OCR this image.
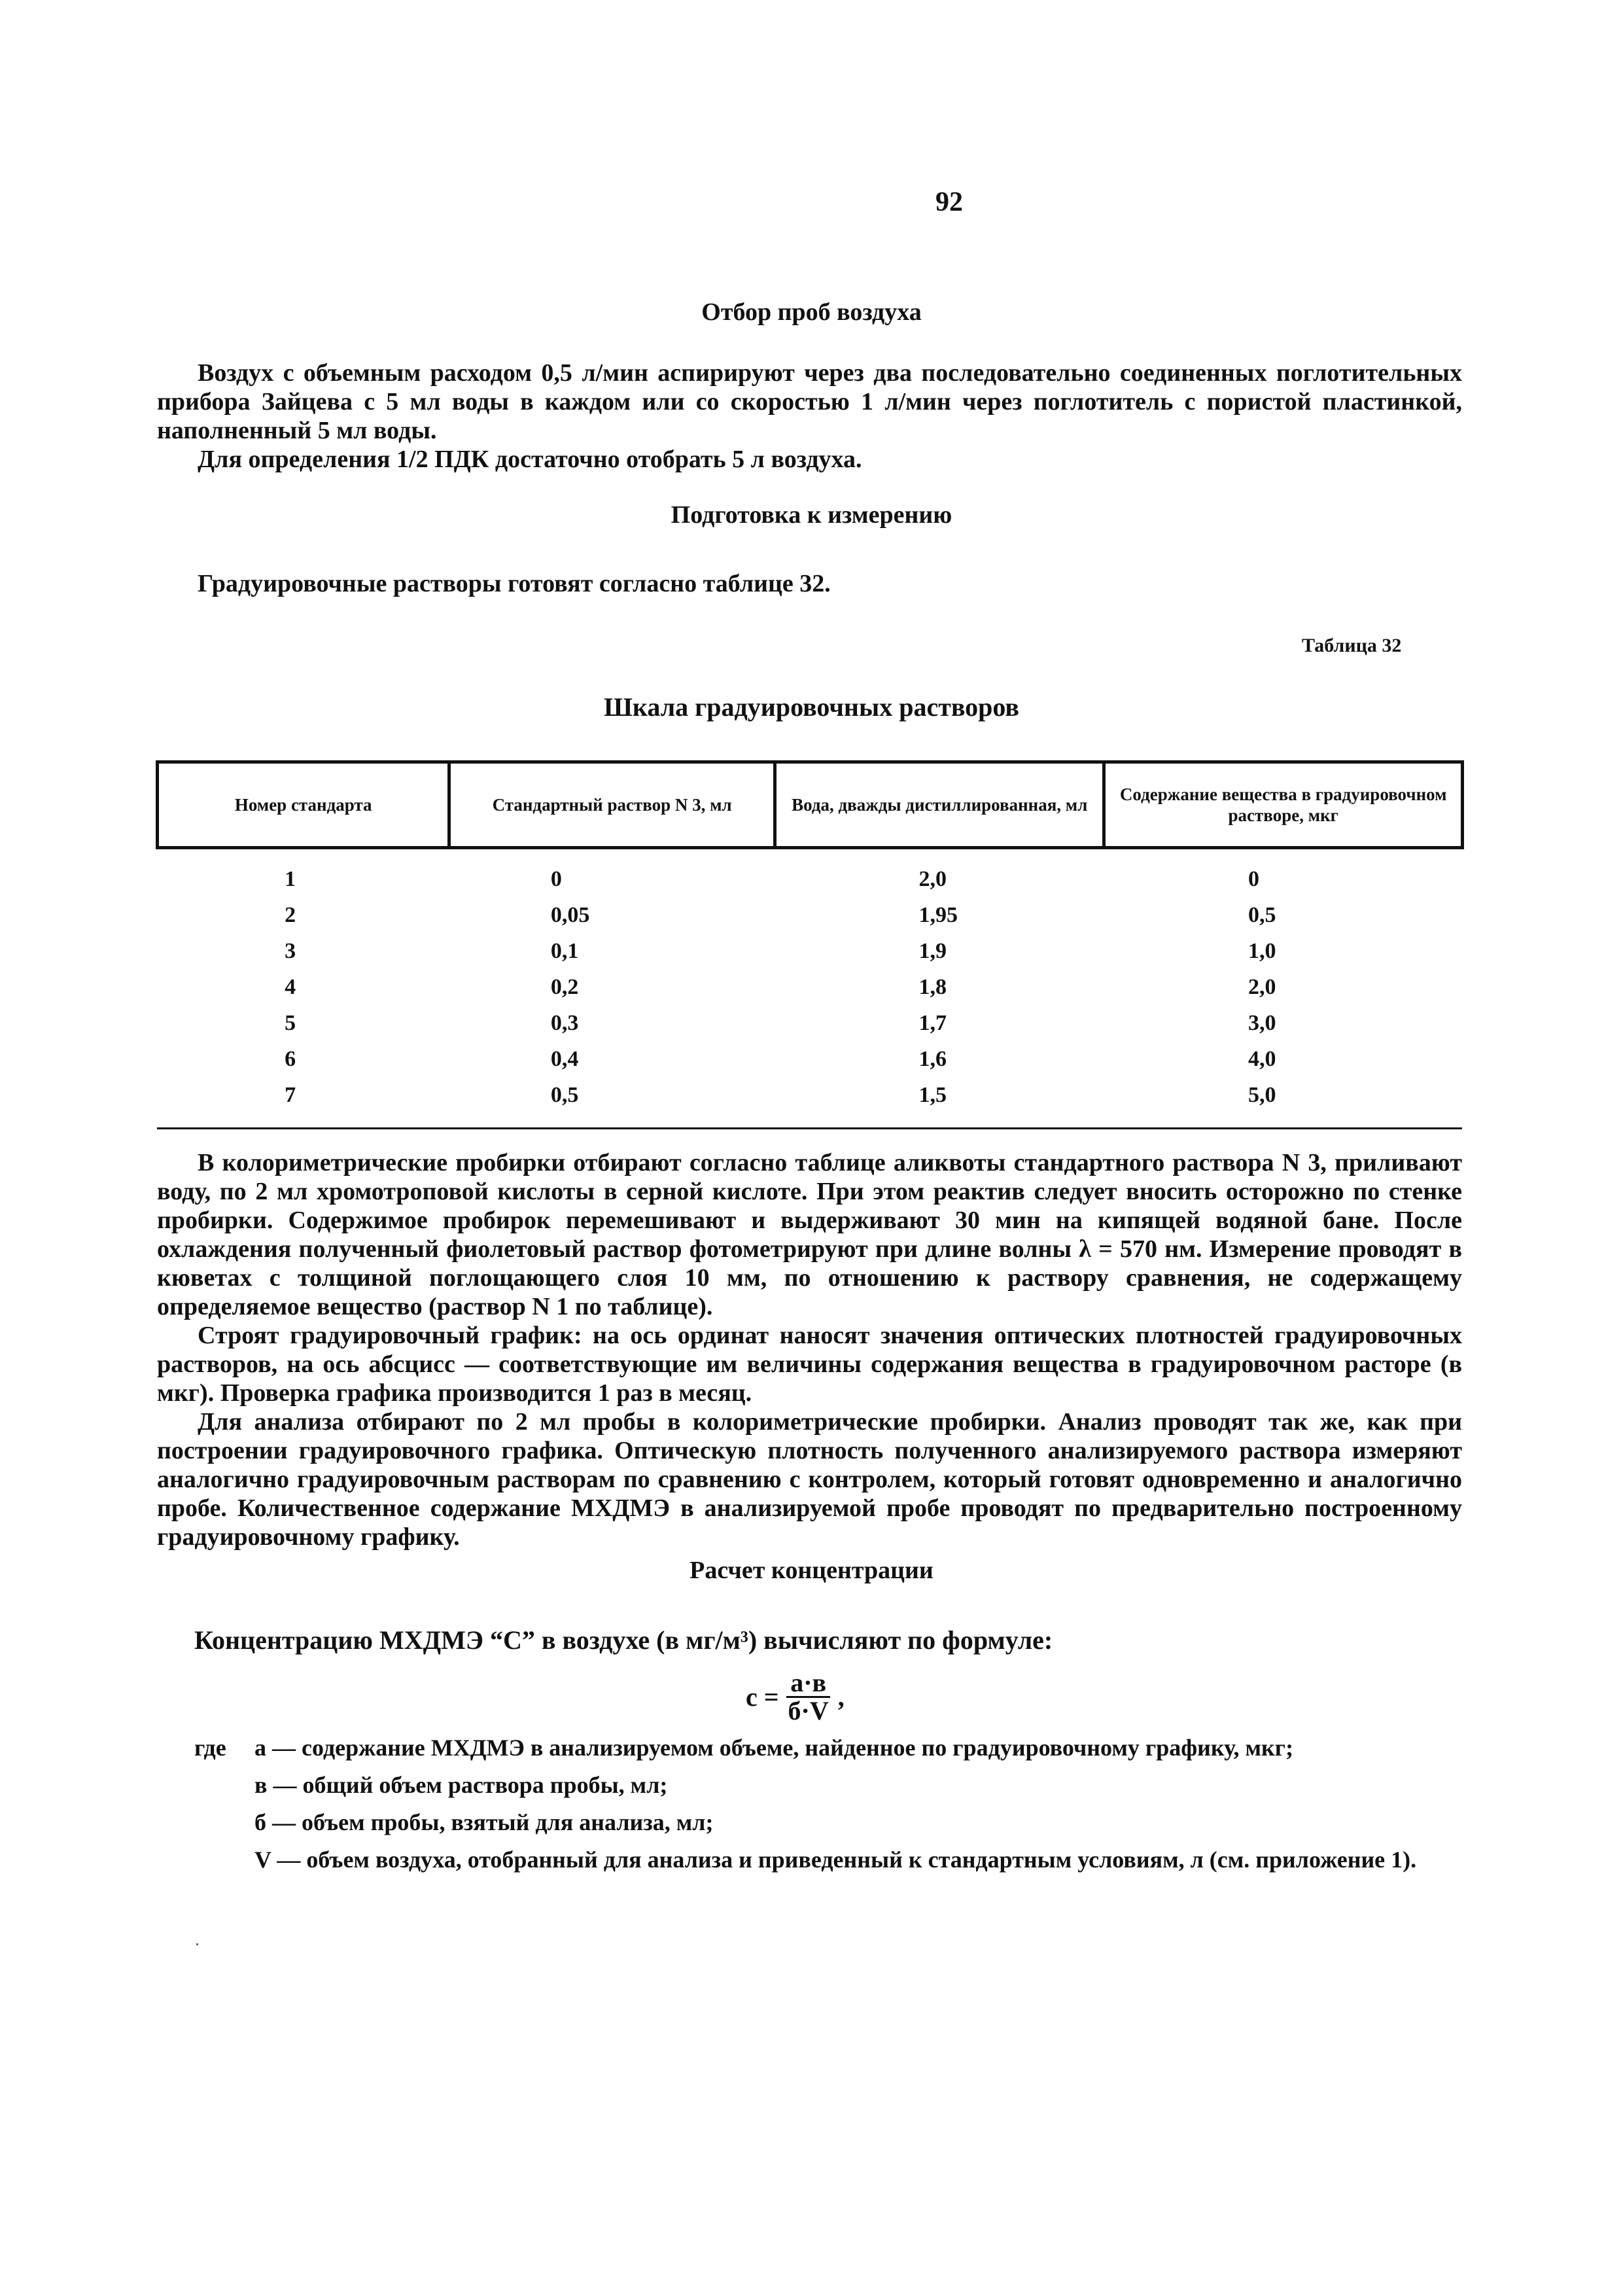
92
Отбор проб воздуха

Воздух с объемным расходом 0,5 л/мин аспирируют через два последовательно соединенных поглотительных прибора Зайцева с 5 мл воды в каждом или со скоростью 1 л/мин через поглотитель с пористой пластинкой, наполненный 5 мл воды.

Для определения 1/2 ПДК достаточно отобрать 5 л воздуха.

Подготовка к измерению

Градуировочные растворы готовят согласно таблице 32.

Таблица 32
Шкала градуировочных растворов
Номер стандарта	Стандартный раствор N 3, мл	Вода, дважды дистиллированная, мл	Содержание вещества в градуировочном растворе, мкг
1	0	2,0	0
2	0,05	1,95	0,5
3	0,1	1,9	1,0
4	0,2	1,8	2,0
5	0,3	1,7	3,0
6	0,4	1,6	4,0
7	0,5	1,5	5,0

В колориметрические пробирки отбирают согласно таблице аликвоты стандартного раствора N 3, приливают воду, по 2 мл хромотроповой кислоты в серной кислоте. При этом реактив следует вносить осторожно по стенке пробирки. Содержимое пробирок перемешивают и выдерживают 30 мин на кипящей водяной бане. После охлаждения полученный фиолетовый раствор фотометрируют при длине волны λ = 570 нм. Измерение проводят в кюветах с толщиной поглощающего слоя 10 мм, по отношению к раствору сравнения, не содержащему определяемое вещество (раствор N 1 по таблице).

Строят градуировочный график: на ось ординат наносят значения оптических плотностей градуировочных растворов, на ось абсцисс — соответствующие им величины содержания вещества в градуировочном расторе (в мкг). Проверка графика производится 1 раз в месяц.

Для анализа отбирают по 2 мл пробы в колориметрические пробирки. Анализ проводят так же, как при построении градуировочного графика. Оптическую плотность полученного анализируемого раствора измеряют аналогично градуировочным растворам по сравнению с контролем, который готовят одновременно и аналогично пробе. Количественное содержание МХДМЭ в анализируемой пробе проводят по предварительно построенному градуировочному графику.

Расчет концентрации
Концентрацию МХДМЭ “С” в воздухе (в мг/м³) вычисляют по формуле:
$с = \frac{а\cdot в}{б\cdot V}$ ,
где	а — содержание МХДМЭ в анализируемом объеме, найденное по градуировочному графику, мкг;
в — общий объем раствора пробы, мл;
б — объем пробы, взятый для анализа, мл;
V — объем воздуха, отобранный для анализа и приведенный к стандартным условиям, л (см. приложение 1).
